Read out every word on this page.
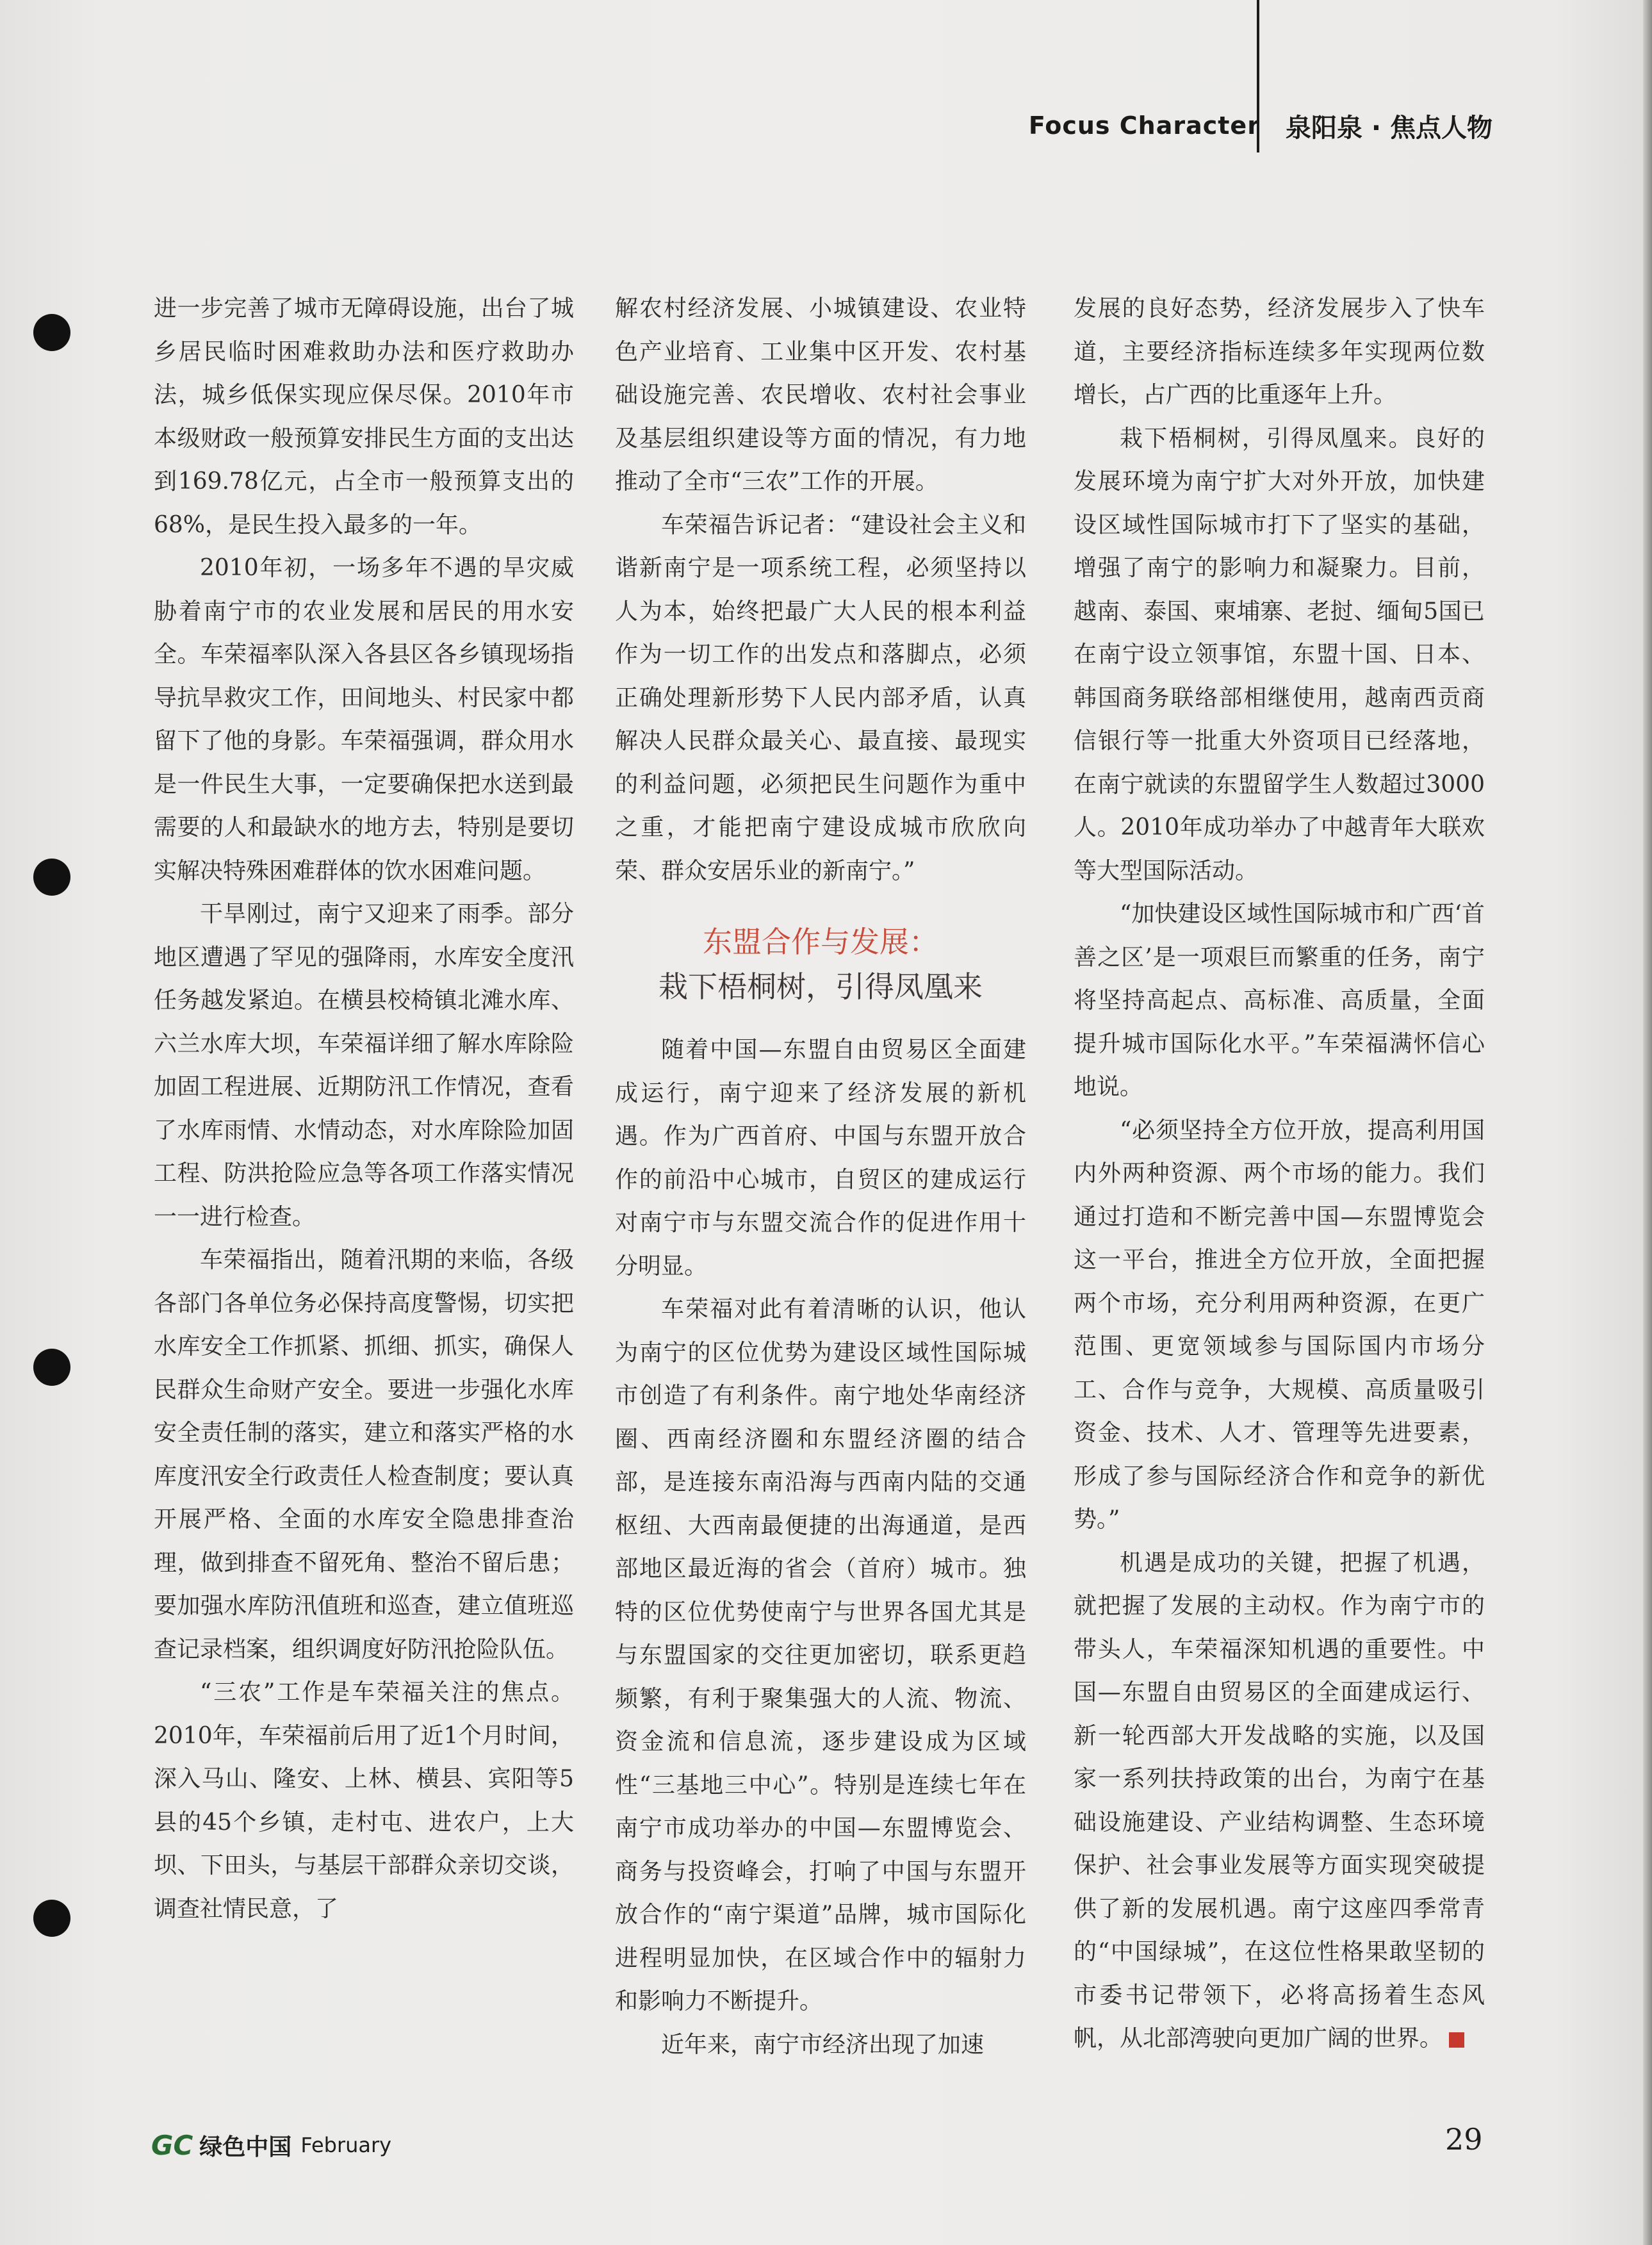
Focus Character 泉阳泉 · 焦点人物

进一步完善了城市无障碍设施，出台了城乡居民临时困难救助办法和医疗救助办法，城乡低保实现应保尽保。2010年市本级财政一般预算安排民生方面的支出达到169.78亿元，占全市一般预算支出的68%，是民生投入最多的一年。

2010年初，一场多年不遇的旱灾威胁着南宁市的农业发展和居民的用水安全。车荣福率队深入各县区各乡镇现场指导抗旱救灾工作，田间地头、村民家中都留下了他的身影。车荣福强调，群众用水是一件民生大事，一定要确保把水送到最需要的人和最缺水的地方去，特别是要切实解决特殊困难群体的饮水困难问题。

干旱刚过，南宁又迎来了雨季。部分地区遭遇了罕见的强降雨，水库安全度汛任务越发紧迫。在横县校椅镇北滩水库、六兰水库大坝，车荣福详细了解水库除险加固工程进展、近期防汛工作情况，查看了水库雨情、水情动态，对水库除险加固工程、防洪抢险应急等各项工作落实情况一一进行检查。

车荣福指出，随着汛期的来临，各级各部门各单位务必保持高度警惕，切实把水库安全工作抓紧、抓细、抓实，确保人民群众生命财产安全。要进一步强化水库安全责任制的落实，建立和落实严格的水库度汛安全行政责任人检查制度；要认真开展严格、全面的水库安全隐患排查治理，做到排查不留死角、整治不留后患；要加强水库防汛值班和巡查，建立值班巡查记录档案，组织调度好防汛抢险队伍。

“三农”工作是车荣福关注的焦点。2010年，车荣福前后用了近1个月时间，深入马山、隆安、上林、横县、宾阳等5县的45个乡镇，走村屯、进农户，上大坝、下田头，与基层干部群众亲切交谈，调查社情民意，了

解农村经济发展、小城镇建设、农业特色产业培育、工业集中区开发、农村基础设施完善、农民增收、农村社会事业及基层组织建设等方面的情况，有力地推动了全市“三农”工作的开展。

车荣福告诉记者：“建设社会主义和谐新南宁是一项系统工程，必须坚持以人为本，始终把最广大人民的根本利益作为一切工作的出发点和落脚点，必须正确处理新形势下人民内部矛盾，认真解决人民群众最关心、最直接、最现实的利益问题，必须把民生问题作为重中之重，才能把南宁建设成城市欣欣向荣、群众安居乐业的新南宁。”

东盟合作与发展：
栽下梧桐树，引得凤凰来

随着中国—东盟自由贸易区全面建成运行，南宁迎来了经济发展的新机遇。作为广西首府、中国与东盟开放合作的前沿中心城市，自贸区的建成运行对南宁市与东盟交流合作的促进作用十分明显。

车荣福对此有着清晰的认识，他认为南宁的区位优势为建设区域性国际城市创造了有利条件。南宁地处华南经济圈、西南经济圈和东盟经济圈的结合部，是连接东南沿海与西南内陆的交通枢纽、大西南最便捷的出海通道，是西部地区最近海的省会（首府）城市。独特的区位优势使南宁与世界各国尤其是与东盟国家的交往更加密切，联系更趋频繁，有利于聚集强大的人流、物流、资金流和信息流，逐步建设成为区域性“三基地三中心”。特别是连续七年在南宁市成功举办的中国—东盟博览会、商务与投资峰会，打响了中国与东盟开放合作的“南宁渠道”品牌，城市国际化进程明显加快，在区域合作中的辐射力和影响力不断提升。

近年来，南宁市经济出现了加速

发展的良好态势，经济发展步入了快车道，主要经济指标连续多年实现两位数增长，占广西的比重逐年上升。

栽下梧桐树，引得凤凰来。良好的发展环境为南宁扩大对外开放，加快建设区域性国际城市打下了坚实的基础，增强了南宁的影响力和凝聚力。目前，越南、泰国、柬埔寨、老挝、缅甸5国已在南宁设立领事馆，东盟十国、日本、韩国商务联络部相继使用，越南西贡商信银行等一批重大外资项目已经落地，在南宁就读的东盟留学生人数超过3000人。2010年成功举办了中越青年大联欢等大型国际活动。

“加快建设区域性国际城市和广西‘首善之区’是一项艰巨而繁重的任务，南宁将坚持高起点、高标准、高质量，全面提升城市国际化水平。”车荣福满怀信心地说。

“必须坚持全方位开放，提高利用国内外两种资源、两个市场的能力。我们通过打造和不断完善中国—东盟博览会这一平台，推进全方位开放，全面把握两个市场，充分利用两种资源，在更广范围、更宽领域参与国际国内市场分工、合作与竞争，大规模、高质量吸引资金、技术、人才、管理等先进要素，形成了参与国际经济合作和竞争的新优势。”

机遇是成功的关键，把握了机遇，就把握了发展的主动权。作为南宁市的带头人，车荣福深知机遇的重要性。中国—东盟自由贸易区的全面建成运行、新一轮西部大开发战略的实施，以及国家一系列扶持政策的出台，为南宁在基础设施建设、产业结构调整、生态环境保护、社会事业发展等方面实现突破提供了新的发展机遇。南宁这座四季常青的“中国绿城”，在这位性格果敢坚韧的市委书记带领下，必将高扬着生态风帆，从北部湾驶向更加广阔的世界。

GC 绿色中国 February	29
